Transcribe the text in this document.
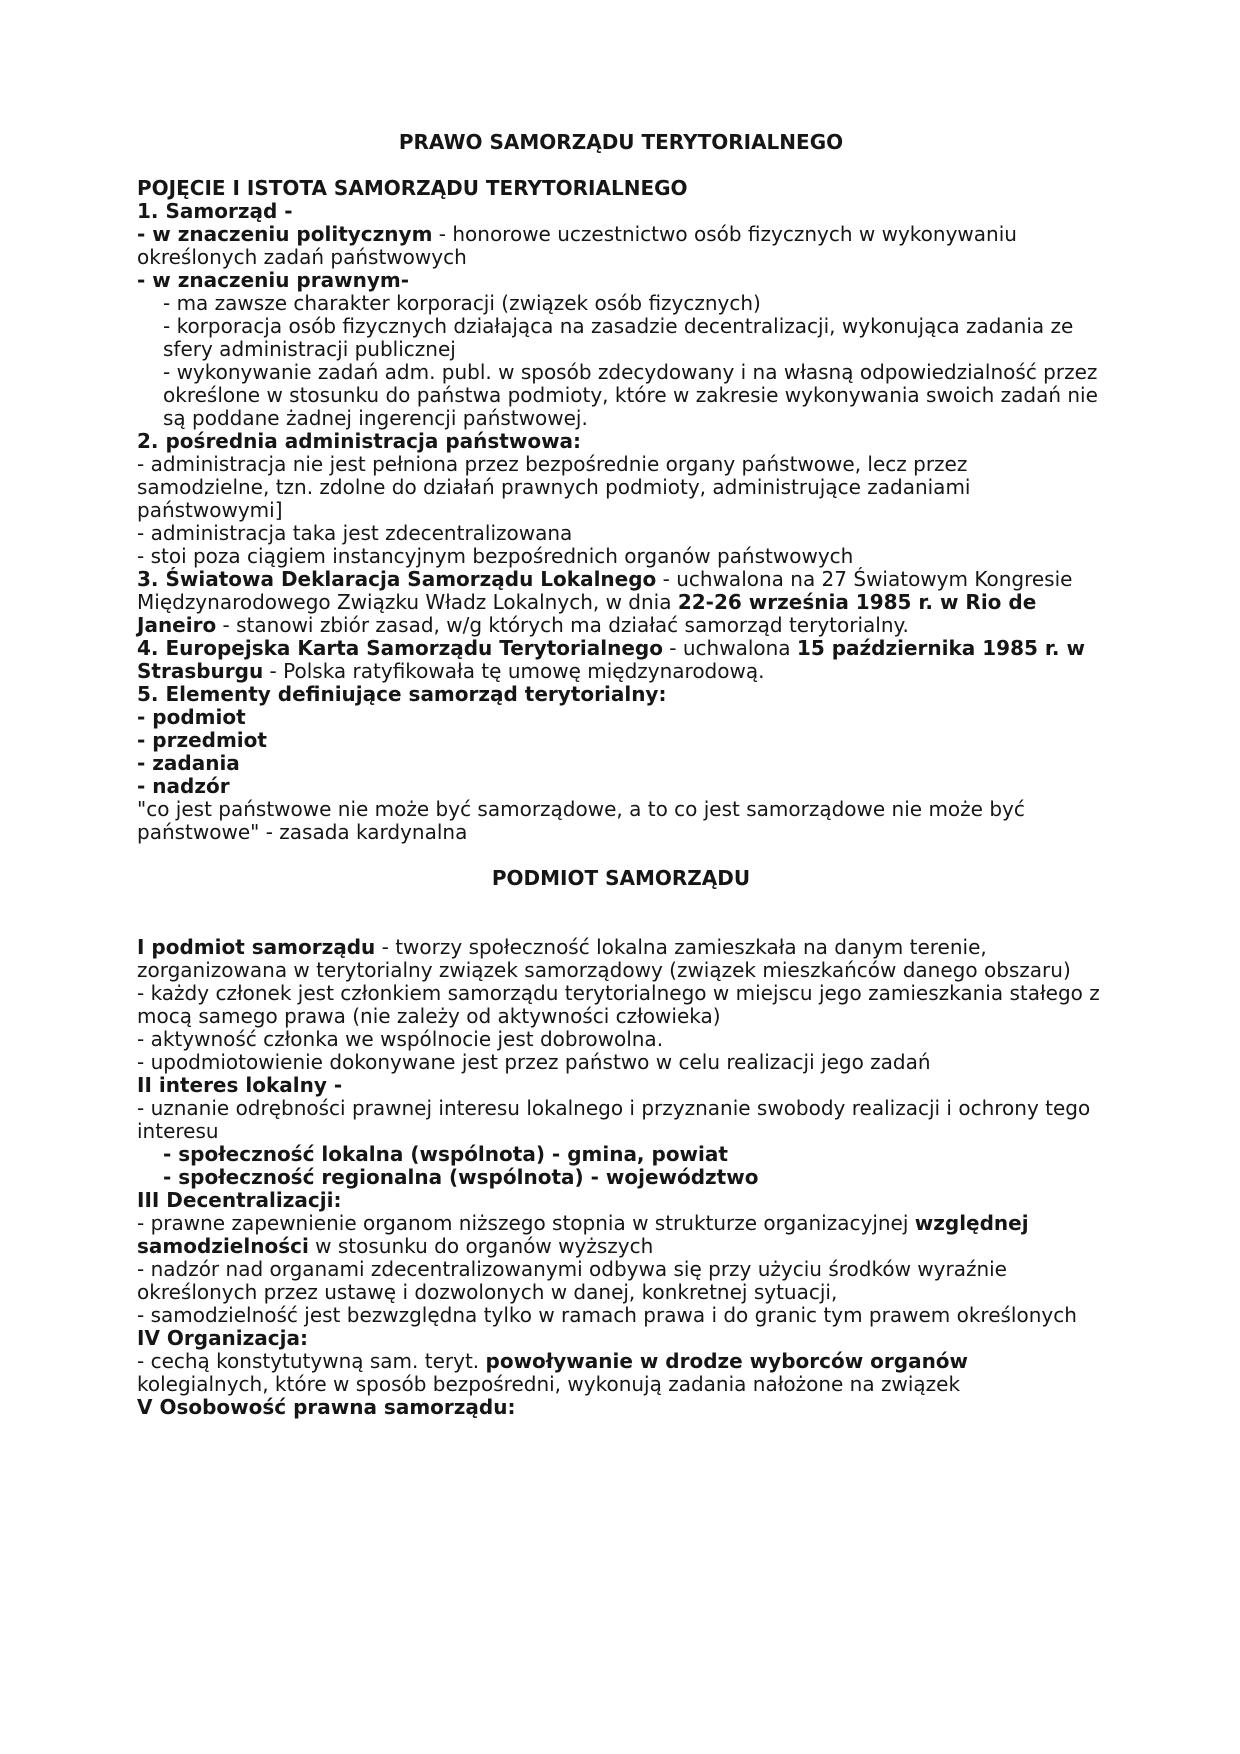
PRAWO SAMORZĄDU TERYTORIALNEGO
POJĘCIE I ISTOTA SAMORZĄDU TERYTORIALNEGO
1. Samorząd -
- w znaczeniu politycznym - honorowe uczestnictwo osób fizycznych w wykonywaniu określonych zadań państwowych
- w znaczeniu prawnym-
- ma zawsze charakter korporacji (związek osób fizycznych)
- korporacja osób fizycznych działająca na zasadzie decentralizacji, wykonująca zadania ze sfery administracji publicznej
- wykonywanie zadań adm. publ. w sposób zdecydowany i na własną odpowiedzialność przez określone w stosunku do państwa podmioty, które w zakresie wykonywania swoich zadań nie są poddane żadnej ingerencji państwowej.
2. pośrednia administracja państwowa:
- administracja nie jest pełniona przez bezpośrednie organy państwowe, lecz przez samodzielne, tzn. zdolne do działań prawnych podmioty, administrujące zadaniami państwowymi]
- administracja taka jest zdecentralizowana
- stoi poza ciągiem instancyjnym bezpośrednich organów państwowych
3. Światowa Deklaracja Samorządu Lokalnego - uchwalona na 27 Światowym Kongresie Międzynarodowego Związku Władz Lokalnych, w dnia 22-26 września 1985 r. w Rio de Janeiro - stanowi zbiór zasad, w/g których ma działać samorząd terytorialny.
4. Europejska Karta Samorządu Terytorialnego - uchwalona 15 października 1985 r. w Strasburgu - Polska ratyfikowała tę umowę międzynarodową.
5. Elementy definiujące samorząd terytorialny:
- podmiot
- przedmiot
- zadania
- nadzór
"co jest państwowe nie może być samorządowe, a to co jest samorządowe nie może być państwowe" - zasada kardynalna
PODMIOT SAMORZĄDU
I podmiot samorządu - tworzy społeczność lokalna zamieszkała na danym terenie, zorganizowana w terytorialny związek samorządowy (związek mieszkańców danego obszaru)
- każdy członek jest członkiem samorządu terytorialnego w miejscu jego zamieszkania stałego z mocą samego prawa (nie zależy od aktywności człowieka)
- aktywność członka we wspólnocie jest dobrowolna.
- upodmiotowienie dokonywane jest przez państwo w celu realizacji jego zadań
II interes lokalny -
- uznanie odrębności prawnej interesu lokalnego i przyznanie swobody realizacji i ochrony tego interesu
- społeczność lokalna (wspólnota) - gmina, powiat
- społeczność regionalna (wspólnota) - województwo
III Decentralizacji:
- prawne zapewnienie organom niższego stopnia w strukturze organizacyjnej względnej samodzielności w stosunku do organów wyższych
- nadzór nad organami zdecentralizowanymi odbywa się przy użyciu środków wyraźnie określonych przez ustawę i dozwolonych w danej, konkretnej sytuacji,
- samodzielność jest bezwzględna tylko w ramach prawa i do granic tym prawem określonych
IV Organizacja:
- cechą konstytutywną sam. teryt. powoływanie w drodze wyborców organów kolegialnych, które w sposób bezpośredni, wykonują zadania nałożone na związek
V Osobowość prawna samorządu:
